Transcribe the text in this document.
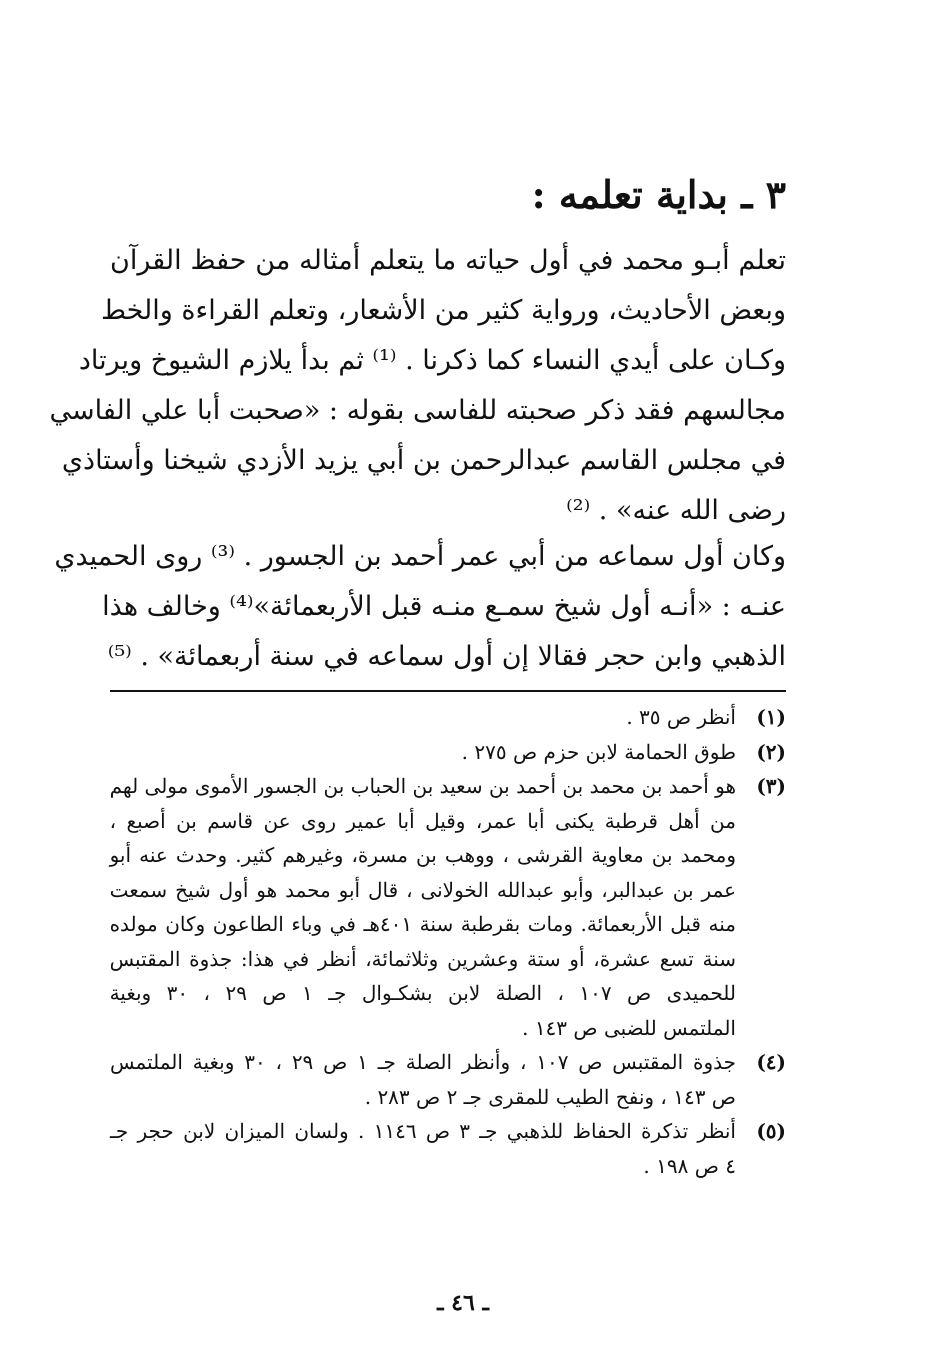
٣ ـ بداية تعلمه :
تعلم أبـو محمد في أول حياته ما يتعلم أمثاله من حفظ القرآن
وبعض الأحاديث، ورواية كثير من الأشعار، وتعلم القراءة والخط
وكـان على أيدي النساء كما ذكرنا . ⁽¹⁾ ثم بدأ يلازم الشيوخ ويرتاد
مجالسهم فقد ذكر صحبته للفاسى بقوله : «صحبت أبا علي الفاسي
في مجلس القاسم عبدالرحمن بن أبي يزيد الأزدي شيخنا وأستاذي
رضى الله عنه» . ⁽²⁾
وكان أول سماعه من أبي عمر أحمد بن الجسور . ⁽³⁾ روى الحميدي
عنـه : «أنـه أول شيخ سمـع منـه قبل الأربعمائة»⁽⁴⁾ وخالف هذا
الذهبي وابن حجر فقالا إن أول سماعه في سنة أربعمائة» . ⁽⁵⁾
(١)
أنظر ص ٣٥ .
(٢)
طوق الحمامة لابن حزم ص ٢٧٥ .
(٣)
هو أحمد بن محمد بن أحمد بن سعيد بن الحباب بن الجسور الأموى مولى لهم
من أهل قرطبة يكنى أبا عمر، وقيل أبا عمير روى عن قاسم بن أصبع ،
ومحمد بن معاوية القرشى ، ووهب بن مسرة، وغيرهم كثير. وحدث عنه أبو
عمر بن عبدالبر، وأبو عبدالله الخولانى ، قال أبو محمد هو أول شيخ سمعت
منه قبل الأربعمائة. ومات بقرطبة سنة ٤٠١هـ في وباء الطاعون وكان مولده
سنة تسع عشرة، أو ستة وعشرين وثلاثمائة، أنظر في هذا: جذوة المقتبس
للحميدى ص ١٠٧ ، الصلة لابن بشكـوال جـ ١ ص ٢٩ ، ٣٠ وبغية
الملتمس للضبى ص ١٤٣ .
(٤)
جذوة المقتبس ص ١٠٧ ، وأنظر الصلة جـ ١ ص ٢٩ ، ٣٠ وبغية الملتمس
ص ١٤٣ ، ونفح الطيب للمقرى جـ ٢ ص ٢٨٣ .
(٥)
أنظر تذكرة الحفاظ للذهبي جـ ٣ ص ١١٤٦ . ولسان الميزان لابن حجر جـ
٤ ص ١٩٨ .
ـ ٤٦ ـ
